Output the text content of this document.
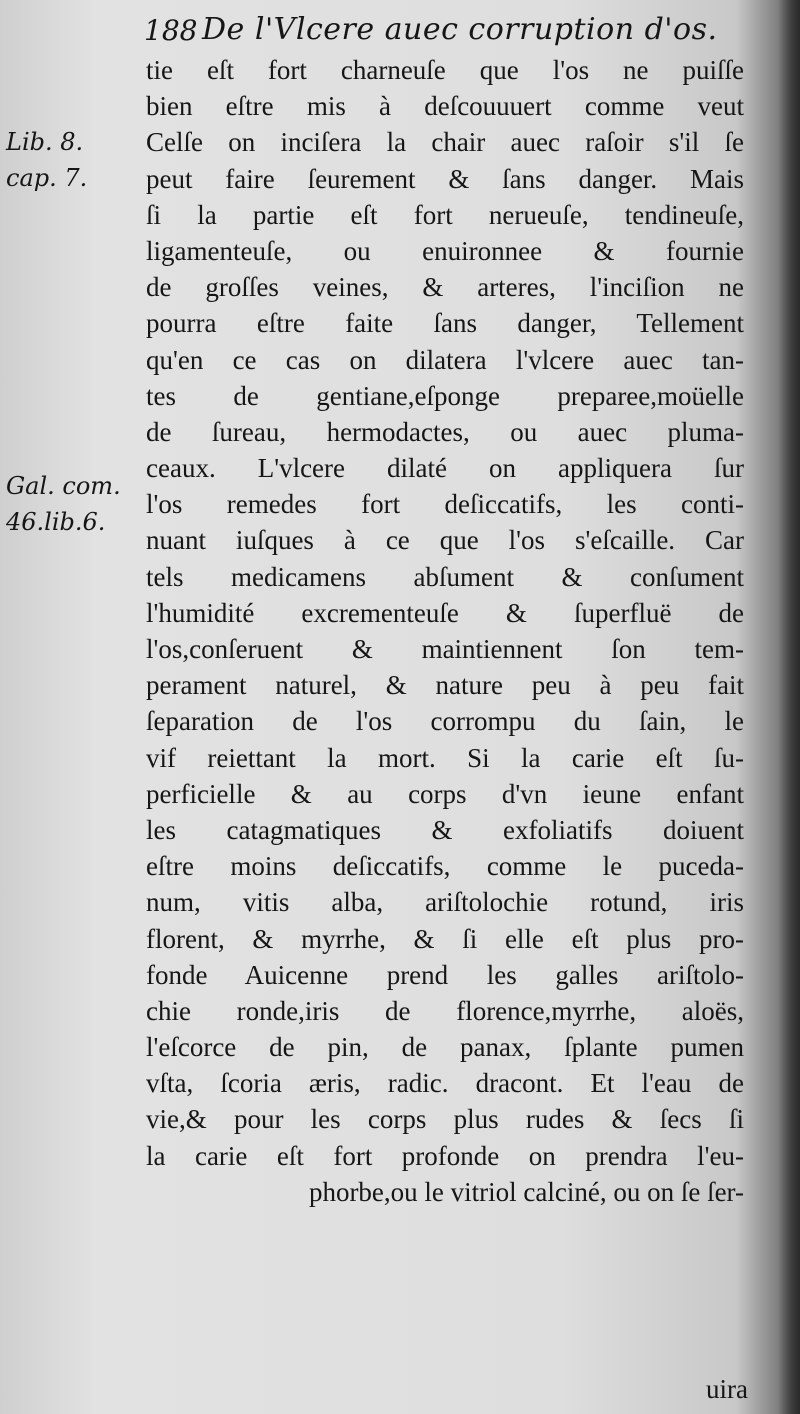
188 De l'Vlcere auec corruption d'os.
Lib. 8.
cap. 7.
Gal. com.
46.lib.6.
tie eſt fort charneuſe que l'os ne puiſſe
bien eſtre mis à deſcouuuert comme veut
Celſe on inciſera la chair auec raſoir s'il ſe
peut faire ſeurement & ſans danger. Mais
ſi la partie eſt fort nerueuſe, tendineuſe,
ligamenteuſe, ou enuironnee & fournie
de groſſes veines, & arteres, l'inciſion ne
pourra eſtre faite ſans danger, Tellement
qu'en ce cas on dilatera l'vlcere auec tan-
tes de gentiane,eſponge preparee,moüelle
de ſureau, hermodactes, ou auec pluma-
ceaux. L'vlcere dilaté on appliquera ſur
l'os remedes fort deſiccatifs, les conti-
nuant iuſques à ce que l'os s'eſcaille. Car
tels medicamens abſument & conſument
l'humidité excrementeuſe & ſuperfluë de
l'os,conſeruent & maintiennent ſon tem-
perament naturel, & nature peu à peu fait
ſeparation de l'os corrompu du ſain, le
vif reiettant la mort. Si la carie eſt ſu-
perficielle & au corps d'vn ieune enfant
les catagmatiques & exfoliatifs doiuent
eſtre moins deſiccatifs, comme le puceda-
num, vitis alba, ariſtolochie rotund, iris
florent, & myrrhe, & ſi elle eſt plus pro-
fonde Auicenne prend les galles ariſtolo-
chie ronde,iris de florence,myrrhe, aloës,
l'eſcorce de pin, de panax, ſplante pumen
vſta, ſcoria æris, radic. dracont. Et l'eau de
vie,& pour les corps plus rudes & ſecs ſi
la carie eſt fort profonde on prendra l'eu-
phorbe,ou le vitriol calciné, ou on ſe ſer-
uira
